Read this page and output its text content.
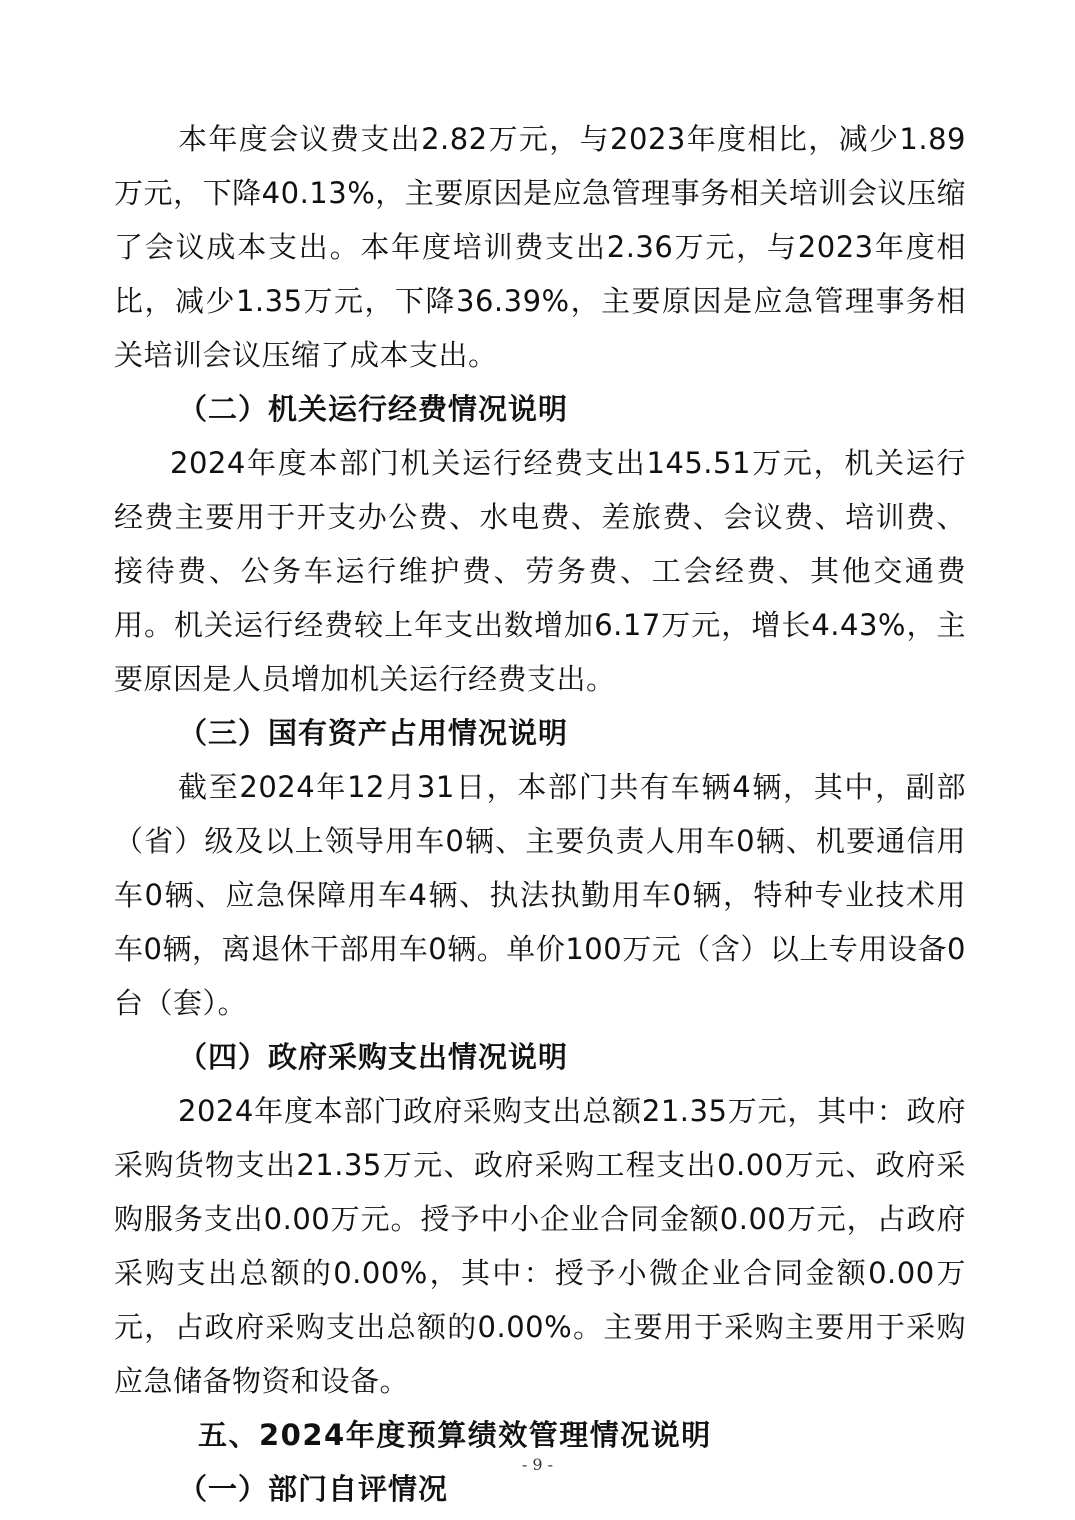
本年度会议费支出2.82万元，与2023年度相比，减少1.89万元，下降40.13%，主要原因是应急管理事务相关培训会议压缩了会议成本支出。本年度培训费支出2.36万元，与2023年度相比，减少1.35万元，下降36.39%，主要原因是应急管理事务相关培训会议压缩了成本支出。

（二）机关运行经费情况说明

2024年度本部门机关运行经费支出145.51万元，机关运行经费主要用于开支办公费、水电费、差旅费、会议费、培训费、接待费、公务车运行维护费、劳务费、工会经费、其他交通费用。机关运行经费较上年支出数增加6.17万元，增长4.43%，主要原因是人员增加机关运行经费支出。

（三）国有资产占用情况说明

截至2024年12月31日，本部门共有车辆4辆，其中，副部（省）级及以上领导用车0辆、主要负责人用车0辆、机要通信用车0辆、应急保障用车4辆、执法执勤用车0辆，特种专业技术用车0辆，离退休干部用车0辆。单价100万元（含）以上专用设备0台（套）。

（四）政府采购支出情况说明

2024年度本部门政府采购支出总额21.35万元，其中：政府采购货物支出21.35万元、政府采购工程支出0.00万元、政府采购服务支出0.00万元。授予中小企业合同金额0.00万元，占政府采购支出总额的0.00%，其中：授予小微企业合同金额0.00万元，占政府采购支出总额的0.00%。主要用于采购主要用于采购应急储备物资和设备。

五、2024年度预算绩效管理情况说明

（一）部门自评情况

- 9 -
